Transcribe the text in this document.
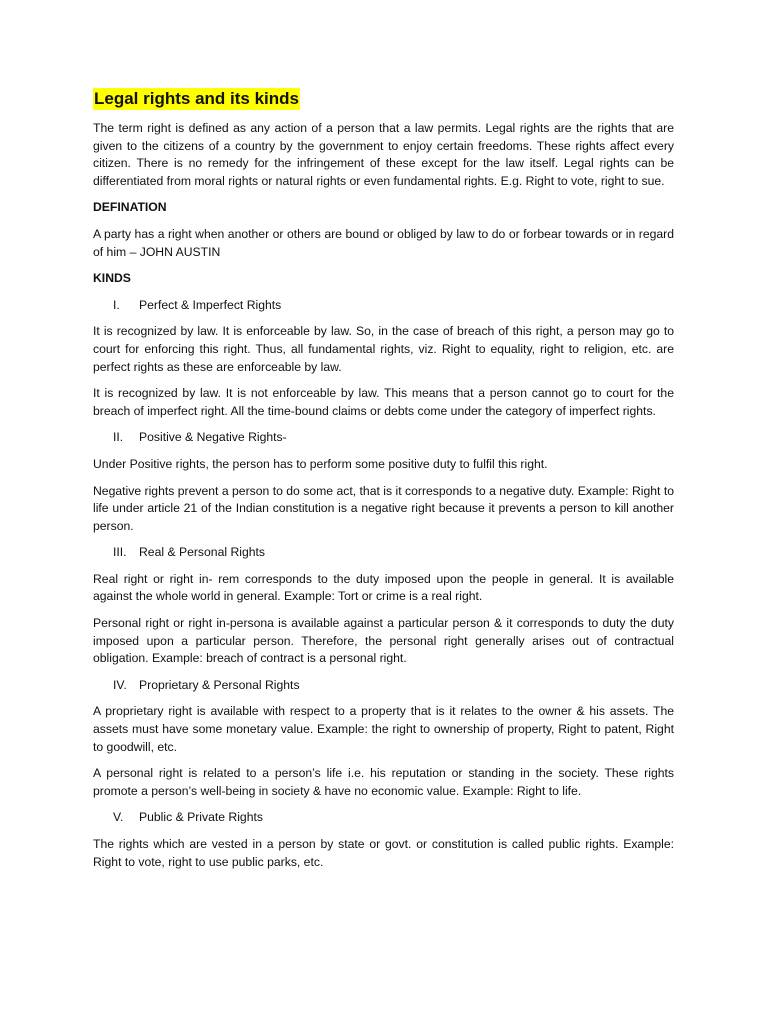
Legal rights and its kinds

The term right is defined as any action of a person that a law permits. Legal rights are the rights that are given to the citizens of a country by the government to enjoy certain freedoms. These rights affect every citizen. There is no remedy for the infringement of these except for the law itself. Legal rights can be differentiated from moral rights or natural rights or even fundamental rights. E.g. Right to vote, right to sue.

DEFINATION

A party has a right when another or others are bound or obliged by law to do or forbear towards or in regard of him – JOHN AUSTIN

KINDS

I.	Perfect & Imperfect Rights

It is recognized by law. It is enforceable by law. So, in the case of breach of this right, a person may go to court for enforcing this right. Thus, all fundamental rights, viz. Right to equality, right to religion, etc. are perfect rights as these are enforceable by law.

It is recognized by law. It is not enforceable by law. This means that a person cannot go to court for the breach of imperfect right. All the time-bound claims or debts come under the category of imperfect rights.

II.	Positive & Negative Rights-

Under Positive rights, the person has to perform some positive duty to fulfil this right.

Negative rights prevent a person to do some act, that is it corresponds to a negative duty. Example: Right to life under article 21 of the Indian constitution is a negative right because it prevents a person to kill another person.

III.	Real & Personal Rights

Real right or right in- rem corresponds to the duty imposed upon the people in general. It is available against the whole world in general. Example: Tort or crime is a real right.

Personal right or right in-persona is available against a particular person & it corresponds to duty the duty imposed upon a particular person. Therefore, the personal right generally arises out of contractual obligation. Example: breach of contract is a personal right.

IV.	Proprietary & Personal Rights

A proprietary right is available with respect to a property that is it relates to the owner & his assets. The assets must have some monetary value. Example: the right to ownership of property, Right to patent, Right to goodwill, etc.

A personal right is related to a person’s life i.e. his reputation or standing in the society. These rights promote a person’s well-being in society & have no economic value. Example: Right to life.

V.	Public & Private Rights

The rights which are vested in a person by state or govt. or constitution is called public rights. Example: Right to vote, right to use public parks, etc.
